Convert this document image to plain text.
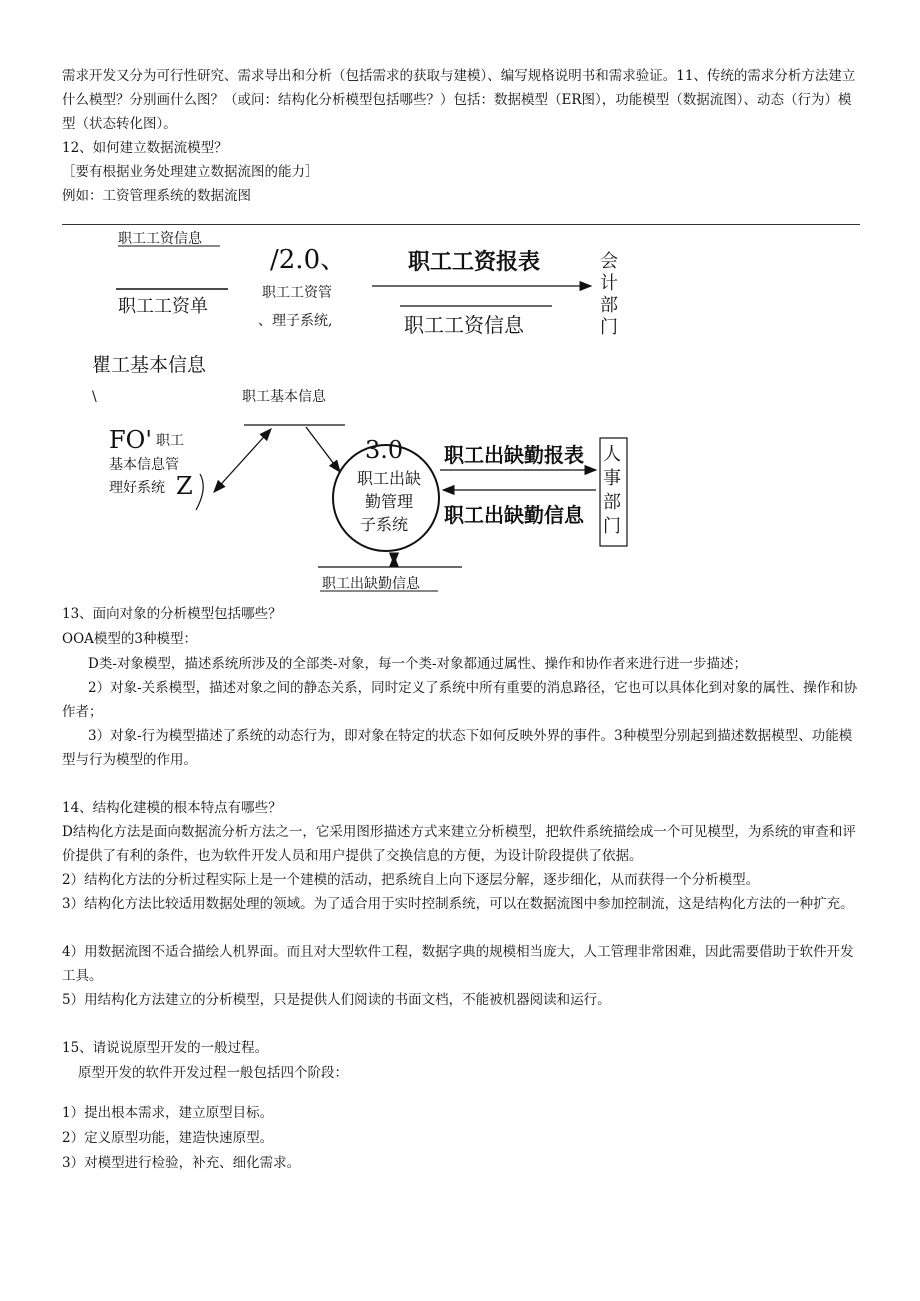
需求开发又分为可行性研究、需求导出和分析（包括需求的获取与建模）、编写规格说明书和需求验证。11、传统的需求分析方法建立什么模型？分别画什么图？（或问：结构化分析模型包括哪些？）包括：数据模型（ER图），功能模型（数据流图）、动态（行为）模型（状态转化图）。

12、如何建立数据流模型？

［要有根据业务处理建立数据流图的能力］

例如：工资管理系统的数据流图

职工工资信息
职工工资单
/2.0、
职工工资管
、理子系统,
职工工资报表
职工工资信息
会
计
部
门
瞿工基本信息
\	职工基本信息
FO' 职工
基本信息管
理好系统 Z
3.0
职工出缺
勤管理
子系统
职工出缺勤报表
职工出缺勤信息
人
事
部
门
职工出缺勤信息

13、面向对象的分析模型包括哪些？

OOA模型的3种模型：

D类-对象模型，描述系统所涉及的全部类-对象，每一个类-对象都通过属性、操作和协作者来进行进一步描述；

2）对象-关系模型，描述对象之间的静态关系，同时定义了系统中所有重要的消息路径，它也可以具体化到对象的属性、操作和协作者；

3）对象-行为模型描述了系统的动态行为，即对象在特定的状态下如何反映外界的事件。3种模型分别起到描述数据模型、功能模型与行为模型的作用。

14、结构化建模的根本特点有哪些？

D结构化方法是面向数据流分析方法之一，它采用图形描述方式来建立分析模型，把软件系统描绘成一个可见模型，为系统的审查和评价提供了有利的条件，也为软件开发人员和用户提供了交换信息的方便，为设计阶段提供了依据。

2）结构化方法的分析过程实际上是一个建模的活动，把系统自上向下逐层分解，逐步细化，从而获得一个分析模型。

3）结构化方法比较适用数据处理的领域。为了适合用于实时控制系统，可以在数据流图中参加控制流，这是结构化方法的一种扩充。

4）用数据流图不适合描绘人机界面。而且对大型软件工程，数据字典的规模相当庞大，人工管理非常困难，因此需要借助于软件开发工具。

5）用结构化方法建立的分析模型，只是提供人们阅读的书面文档，不能被机器阅读和运行。

15、请说说原型开发的一般过程。

原型开发的软件开发过程一般包括四个阶段：

1）提出根本需求，建立原型目标。

2）定义原型功能，建造快速原型。

3）对模型进行检验，补充、细化需求。
